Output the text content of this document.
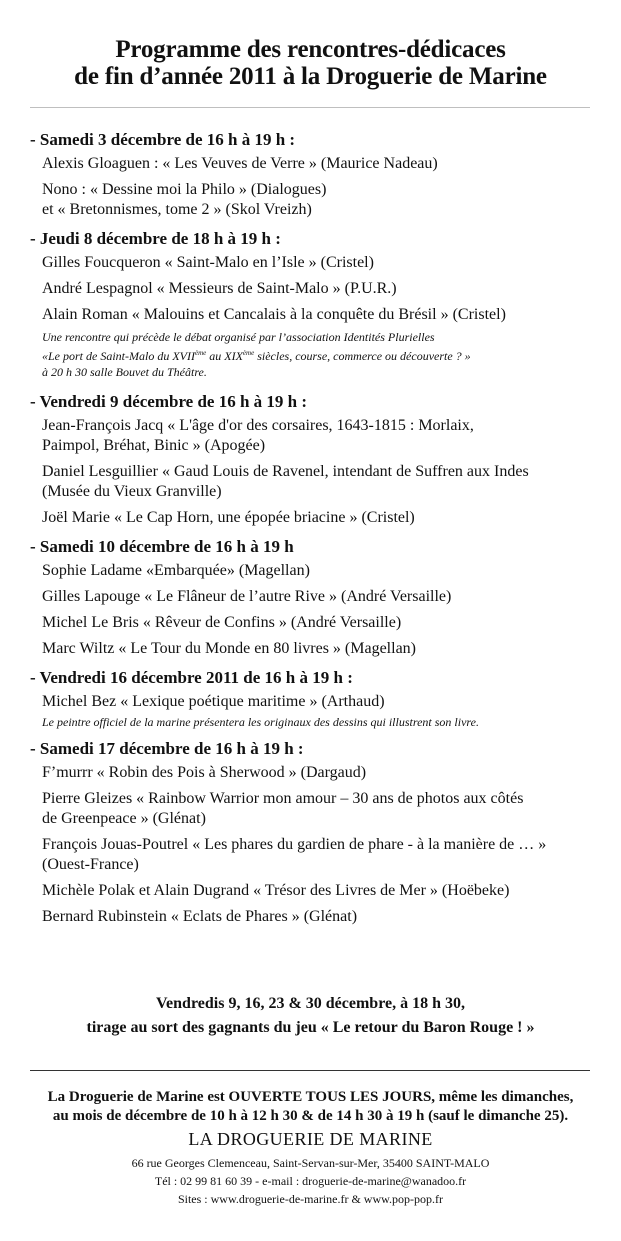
Programme des rencontres-dédicaces
de fin d’année 2011 à la Droguerie de Marine
- Samedi 3 décembre de 16 h à 19 h :
Alexis Gloaguen : « Les Veuves de Verre » (Maurice Nadeau)
Nono : « Dessine moi la Philo » (Dialogues)
et « Bretonnismes, tome 2 » (Skol Vreizh)
- Jeudi 8 décembre de 18 h à 19 h :
Gilles Foucqueron « Saint-Malo en l’Isle » (Cristel)
André Lespagnol « Messieurs de Saint-Malo » (P.U.R.)
Alain Roman « Malouins et Cancalais à la conquête du Brésil » (Cristel)
Une rencontre qui précède le débat organisé par l’association Identités Plurielles
«Le port de Saint-Malo du XVIIème au XIXème siècles, course, commerce ou découverte ? »
à 20 h 30 salle Bouvet du Théâtre.
- Vendredi 9 décembre de 16 h à 19 h :
Jean-François Jacq « L'âge d'or des corsaires, 1643-1815 : Morlaix,
Paimpol, Bréhat, Binic » (Apogée)
Daniel Lesguillier « Gaud Louis de Ravenel, intendant de Suffren aux Indes
(Musée du Vieux Granville)
Joël Marie « Le Cap Horn, une épopée briacine » (Cristel)
- Samedi 10 décembre de 16 h à 19 h
Sophie Ladame «Embarquée» (Magellan)
Gilles Lapouge « Le Flâneur de l’autre Rive » (André Versaille)
Michel Le Bris « Rêveur de Confins » (André Versaille)
Marc Wiltz « Le Tour du Monde en 80 livres » (Magellan)
- Vendredi 16 décembre 2011 de 16 h à 19 h :
Michel Bez « Lexique poétique maritime » (Arthaud)
Le peintre officiel de la marine présentera les originaux des dessins qui illustrent son livre.
- Samedi 17 décembre de 16 h à 19 h :
F’murrr « Robin des Pois à Sherwood » (Dargaud)
Pierre Gleizes « Rainbow Warrior mon amour – 30 ans de photos aux côtés
de Greenpeace » (Glénat)
François Jouas-Poutrel « Les phares du gardien de phare - à la manière de … »
(Ouest-France)
Michèle Polak et Alain Dugrand « Trésor des Livres de Mer » (Hoëbeke)
Bernard Rubinstein « Eclats de Phares » (Glénat)
Vendredis 9, 16, 23 & 30 décembre, à 18 h 30,
tirage au sort des gagnants du jeu « Le retour du Baron Rouge ! »
La Droguerie de Marine est OUVERTE TOUS LES JOURS, même les dimanches,
au mois de décembre de 10 h à 12 h 30 & de 14 h 30 à 19 h (sauf le dimanche 25).
LA DROGUERIE DE MARINE
66 rue Georges Clemenceau, Saint-Servan-sur-Mer, 35400 SAINT-MALO
Tél : 02 99 81 60 39 - e-mail : droguerie-de-marine@wanadoo.fr
Sites : www.droguerie-de-marine.fr & www.pop-pop.fr
